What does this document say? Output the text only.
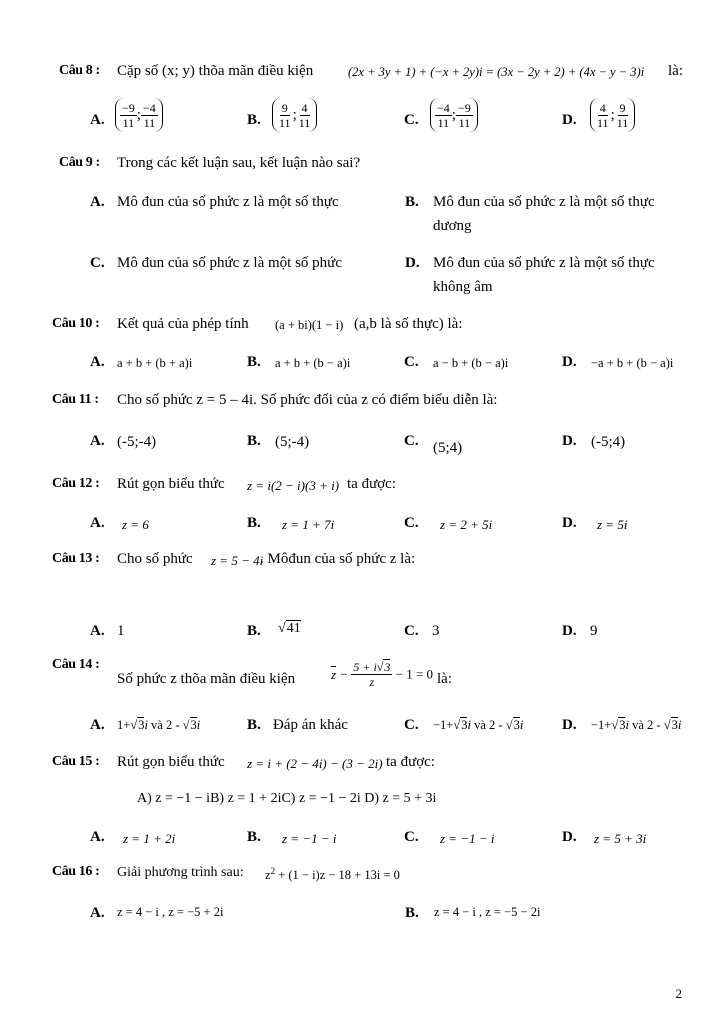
Câu 8 : Cặp số (x; y) thõa mãn điều kiện	(2x + 3y + 1) + (−x + 2y)i = (3x − 2y + 2) + (4x − y − 3)i là:
A. $\frac{-9}{11}$ ; $\frac{-4}{11}$	B. $\frac{9}{11}$ ; $\frac{4}{11}$	C. $\frac{-4}{11}$ ; $\frac{-9}{11}$	D. $\frac{4}{11}$ ; $\frac{9}{11}$
Câu 9 : Trong các kết luận sau, kết luận nào sai?
A. Mô đun của số phức z là một số thực	B. Mô đun của số phức z là một số thực
dương
C. Mô đun của số phức z là một số phức	D. Mô đun của số phức z là một số thực
không âm
Câu 10 : Kết quả của phép tính (a + bi)(1 − i) (a,b là số thực) là:
A. a + b + (b + a)i	B. a + b + (b − a)i	C. a − b + (b − a)i	D. −a + b + (b − a)i
Câu 11 : Cho số phức z = 5 – 4i. Số phức đối của z có điểm biểu diễn là:
A. (-5;-4)	B. (5;-4)	C. (5;4)	D. (-5;4)
Câu 12 : Rút gọn biểu thức z = i(2 − i)(3 + i) ta được:
A. z = 6	B. z = 1 + 7i	C. z = 2 + 5i	D. z = 5i
Câu 13 : Cho số phức z = 5 − 4i
. Môđun của số phức z là:
A. 1	B. √41	C. 3	D. 9
Câu 14 :
Số phức z thõa mãn điều kiện	$\overline{z} - \frac{5 + i√3}{z} - 1 = 0$ là:
A. 1+√3i và 2 - √3i	B. Đáp án khác	C. −1+√3i và 2 - √3i	D. −1+√3i và 2 - √3i
Câu 15 : Rút gọn biểu thức z = i + (2 − 4i) − (3 − 2i) ta được:
A) z = −1 − iB) z = 1 + 2iC) z = −1 − 2i D) z = 5 + 3i
A. z = 1 + 2i	B. z = −1 − i	C. z = −1 − i	D. z = 5 + 3i
Câu 16 : Giải phương trình sau: $z^2 + (1 - i)z - 18 + 13i = 0$
A. z = 4 − i , z = −5 + 2i	B. z = 4 − i , z = −5 − 2i
2
